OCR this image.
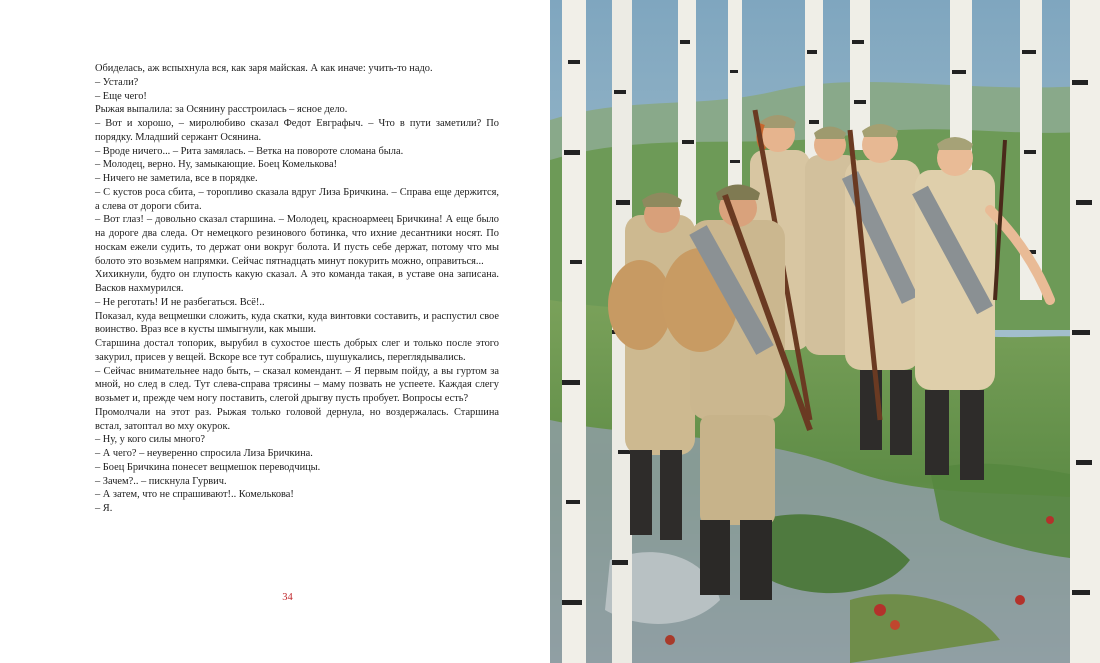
Обиделась, аж вспыхнула вся, как заря майская. А как иначе: учить-то надо.

– Устали?

– Еще чего!

Рыжая выпалила: за Осянину расстроилась – ясное дело.

– Вот и хорошо, – миролюбиво сказал Федот Евграфыч. – Что в пути заметили? По порядку. Младший сержант Осянина.

– Вроде ничего... – Рита замялась. – Ветка на повороте сломана была.

– Молодец, верно. Ну, замыкающие. Боец Комелькова!

– Ничего не заметила, все в порядке.

– С кустов роса сбита, – торопливо сказала вдруг Лиза Бричкина. – Справа еще держится, а слева от дороги сбита.

– Вот глаз! – довольно сказал старшина. – Молодец, красноармеец Бричкина! А еще было на дороге два следа. От немецкого резинового ботинка, что ихние десантники носят. По носкам ежели судить, то держат они вокруг болота. И пусть себе держат, потому что мы болото это возьмем напрямки. Сейчас пятнадцать минут покурить можно, оправиться...

Хихикнули, будто он глупость какую сказал. А это команда такая, в уставе она записана. Васков нахмурился.

– Не реготать! И не разбегаться. Всё!..

Показал, куда вещмешки сложить, куда скатки, куда винтовки составить, и распустил свое воинство. Враз все в кусты шмыгнули, как мыши.

Старшина достал топорик, вырубил в сухостое шесть добрых слег и только после этого закурил, присев у вещей. Вскоре все тут собрались, шушукались, переглядывались.

– Сейчас внимательнее надо быть, – сказал комендант. – Я первым пойду, а вы гуртом за мной, но след в след. Тут слева-справа трясины – маму позвать не успеете. Каждая слегу возьмет и, прежде чем ногу поставить, слегой дрыгву пусть пробует. Вопросы есть?

Промолчали на этот раз. Рыжая только головой дернула, но воздержалась. Старшина встал, затоптал во мху окурок.

– Ну, у кого силы много?

– А чего? – неуверенно спросила Лиза Бричкина.

– Боец Бричкина понесет вещмешок переводчицы.

– Зачем?.. – пискнула Гурвич.

– А затем, что не спрашивают!.. Комелькова!

– Я.

34
